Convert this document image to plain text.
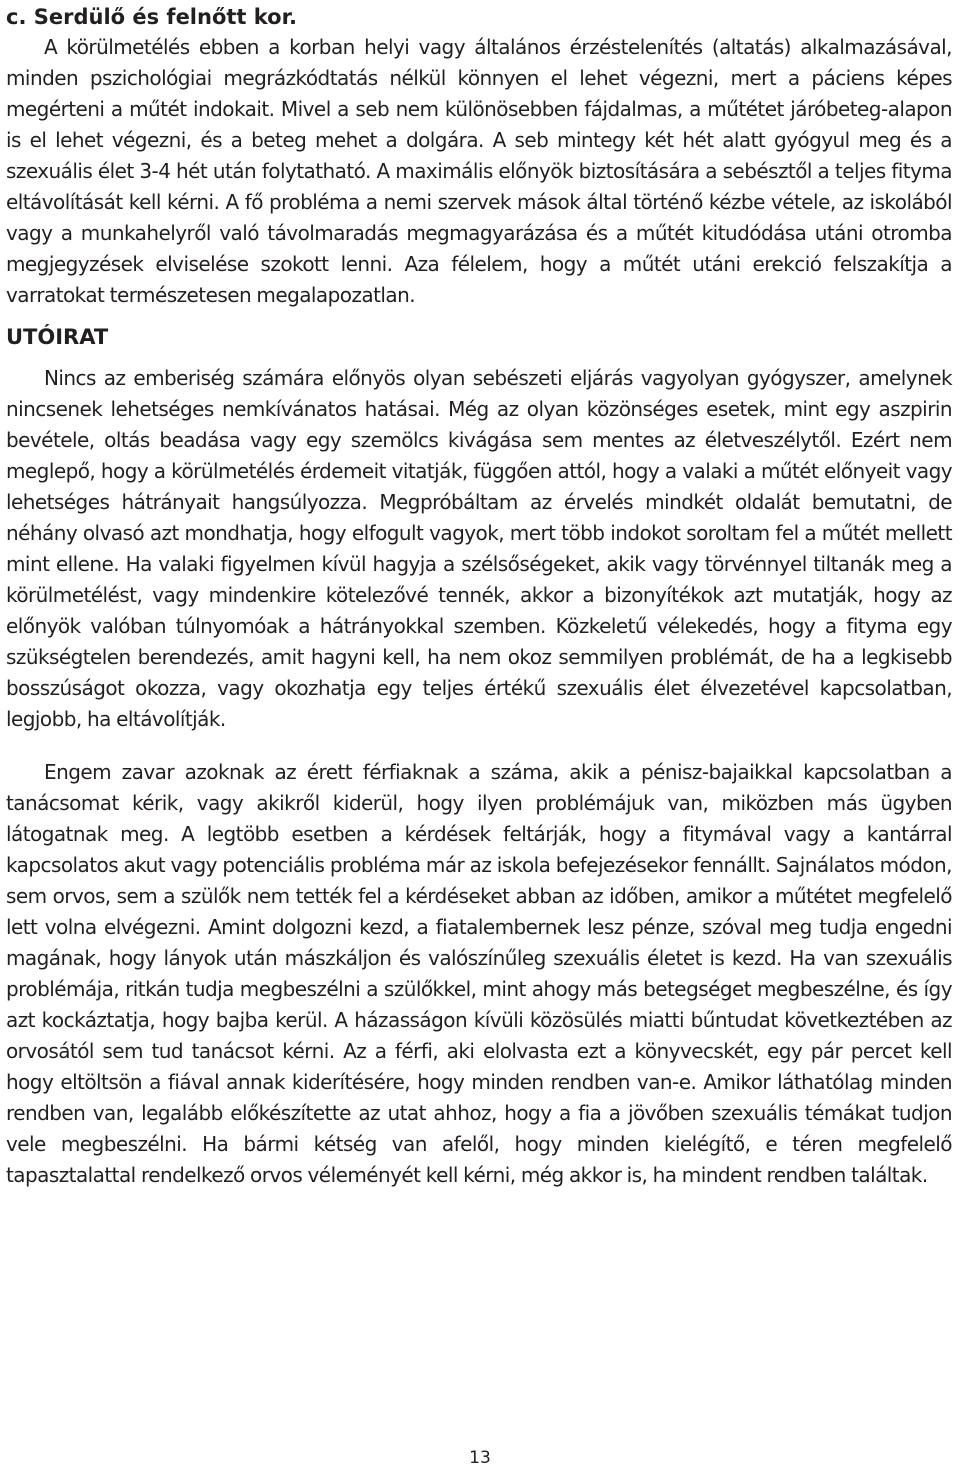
c. Serdülő és felnőtt kor.

A körülmetélés ebben a korban helyi vagy általános érzéstelenítés (altatás) alkalmazásával, minden pszichológiai megrázkódtatás nélkül könnyen el lehet végezni, mert a páciens képes megérteni a műtét indokait. Mivel a seb nem különösebben fájdalmas, a műtétet járóbeteg-alapon is el lehet végezni, és a beteg mehet a dolgára. A seb mintegy két hét alatt gyógyul meg és a szexuális élet 3-4 hét után folytatható. A maximális előnyök biztosítására a sebésztől a teljes fityma eltávolítását kell kérni. A fő probléma a nemi szervek mások által történő kézbe vétele, az iskolából vagy a munkahelyről való távolmaradás megmagyarázása és a műtét kitudódása utáni otromba megjegyzések elviselése szokott lenni. Aza félelem, hogy a műtét utáni erekció felszakítja a varratokat természetesen megalapozatlan.

UTÓIRAT

Nincs az emberiség számára előnyös olyan sebészeti eljárás vagyolyan gyógyszer, amelynek nincsenek lehetséges nemkívánatos hatásai. Még az olyan közönséges esetek, mint egy aszpirin bevétele, oltás beadása vagy egy szemölcs kivágása sem mentes az életveszélytől. Ezért nem meglepő, hogy a körülmetélés érdemeit vitatják, függően attól, hogy a valaki a műtét előnyeit vagy lehetséges hátrányait hangsúlyozza. Megpróbáltam az érvelés mindkét oldalát bemutatni, de néhány olvasó azt mondhatja, hogy elfogult vagyok, mert több indokot soroltam fel a műtét mellett mint ellene. Ha valaki figyelmen kívül hagyja a szélsőségeket, akik vagy törvénnyel tiltanák meg a körülmetélést, vagy mindenkire kötelezővé tennék, akkor a bizonyítékok azt mutatják, hogy az előnyök valóban túlnyomóak a hátrányokkal szemben. Közkeletű vélekedés, hogy a fityma egy szükségtelen berendezés, amit hagyni kell, ha nem okoz semmilyen problémát, de ha a legkisebb bosszúságot okozza, vagy okozhatja egy teljes értékű szexuális élet élvezetével kapcsolatban, legjobb, ha eltávolítják.

Engem zavar azoknak az érett férfiaknak a száma, akik a pénisz-bajaikkal kapcsolatban a tanácsomat kérik, vagy akikről kiderül, hogy ilyen problémájuk van, miközben más ügyben látogatnak meg. A legtöbb esetben a kérdések feltárják, hogy a fitymával vagy a kantárral kapcsolatos akut vagy potenciális probléma már az iskola befejezésekor fennállt. Sajnálatos módon, sem orvos, sem a szülők nem tették fel a kérdéseket abban az időben, amikor a műtétet megfelelő lett volna elvégezni. Amint dolgozni kezd, a fiatalembernek lesz pénze, szóval meg tudja engedni magának, hogy lányok után mászkáljon és valószínűleg szexuális életet is kezd. Ha van szexuális problémája, ritkán tudja megbeszélni a szülőkkel, mint ahogy más betegséget megbeszélne, és így azt kockáztatja, hogy bajba kerül. A házasságon kívüli közösülés miatti bűntudat következtében az orvosától sem tud tanácsot kérni. Az a férfi, aki elolvasta ezt a könyvecskét, egy pár percet kell hogy eltöltsön a fiával annak kiderítésére, hogy minden rendben van-e. Amikor láthatólag minden rendben van, legalább előkészítette az utat ahhoz, hogy a fia a jövőben szexuális témákat tudjon vele megbeszélni. Ha bármi kétség van afelől, hogy minden kielégítő, e téren megfelelő tapasztalattal rendelkező orvos véleményét kell kérni, még akkor is, ha mindent rendben találtak.

13
